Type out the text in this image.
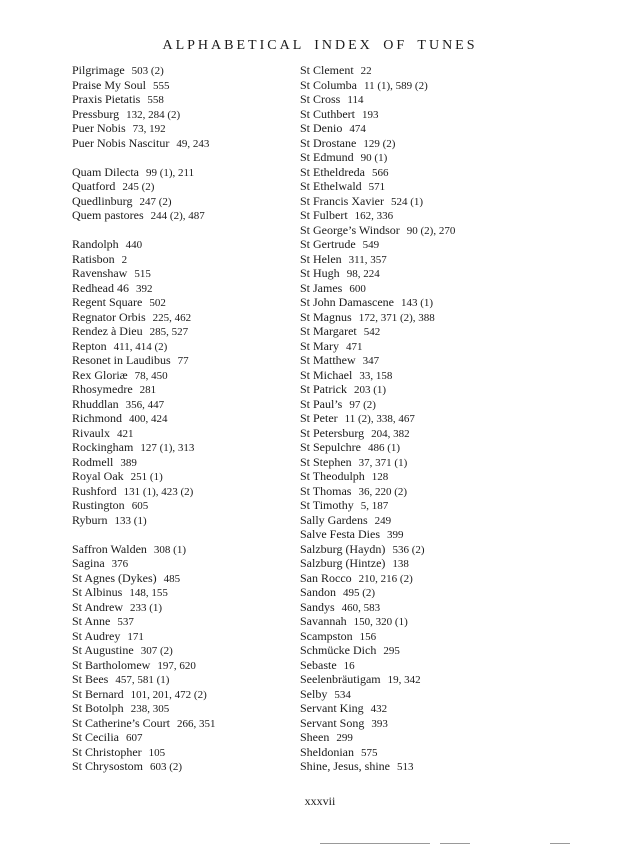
ALPHABETICAL INDEX OF TUNES
Pilgrimage 503 (2)
Praise My Soul 555
Praxis Pietatis 558
Pressburg 132, 284 (2)
Puer Nobis 73, 192
Puer Nobis Nascitur 49, 243
Quam Dilecta 99 (1), 211
Quatford 245 (2)
Quedlinburg 247 (2)
Quem pastores 244 (2), 487
Randolph 440
Ratisbon 2
Ravenshaw 515
Redhead 46 392
Regent Square 502
Regnator Orbis 225, 462
Rendez à Dieu 285, 527
Repton 411, 414 (2)
Resonet in Laudibus 77
Rex Gloriæ 78, 450
Rhosymedre 281
Rhuddlan 356, 447
Richmond 400, 424
Rivaulx 421
Rockingham 127 (1), 313
Rodmell 389
Royal Oak 251 (1)
Rushford 131 (1), 423 (2)
Rustington 605
Ryburn 133 (1)
Saffron Walden 308 (1)
Sagina 376
St Agnes (Dykes) 485
St Albinus 148, 155
St Andrew 233 (1)
St Anne 537
St Audrey 171
St Augustine 307 (2)
St Bartholomew 197, 620
St Bees 457, 581 (1)
St Bernard 101, 201, 472 (2)
St Botolph 238, 305
St Catherine’s Court 266, 351
St Cecilia 607
St Christopher 105
St Chrysostom 603 (2)
St Clement 22
St Columba 11 (1), 589 (2)
St Cross 114
St Cuthbert 193
St Denio 474
St Drostane 129 (2)
St Edmund 90 (1)
St Etheldreda 566
St Ethelwald 571
St Francis Xavier 524 (1)
St Fulbert 162, 336
St George’s Windsor 90 (2), 270
St Gertrude 549
St Helen 311, 357
St Hugh 98, 224
St James 600
St John Damascene 143 (1)
St Magnus 172, 371 (2), 388
St Margaret 542
St Mary 471
St Matthew 347
St Michael 33, 158
St Patrick 203 (1)
St Paul’s 97 (2)
St Peter 11 (2), 338, 467
St Petersburg 204, 382
St Sepulchre 486 (1)
St Stephen 37, 371 (1)
St Theodulph 128
St Thomas 36, 220 (2)
St Timothy 5, 187
Sally Gardens 249
Salve Festa Dies 399
Salzburg (Haydn) 536 (2)
Salzburg (Hintze) 138
San Rocco 210, 216 (2)
Sandon 495 (2)
Sandys 460, 583
Savannah 150, 320 (1)
Scampston 156
Schmücke Dich 295
Sebaste 16
Seelenbräutigam 19, 342
Selby 534
Servant King 432
Servant Song 393
Sheen 299
Sheldonian 575
Shine, Jesus, shine 513
xxxvii
